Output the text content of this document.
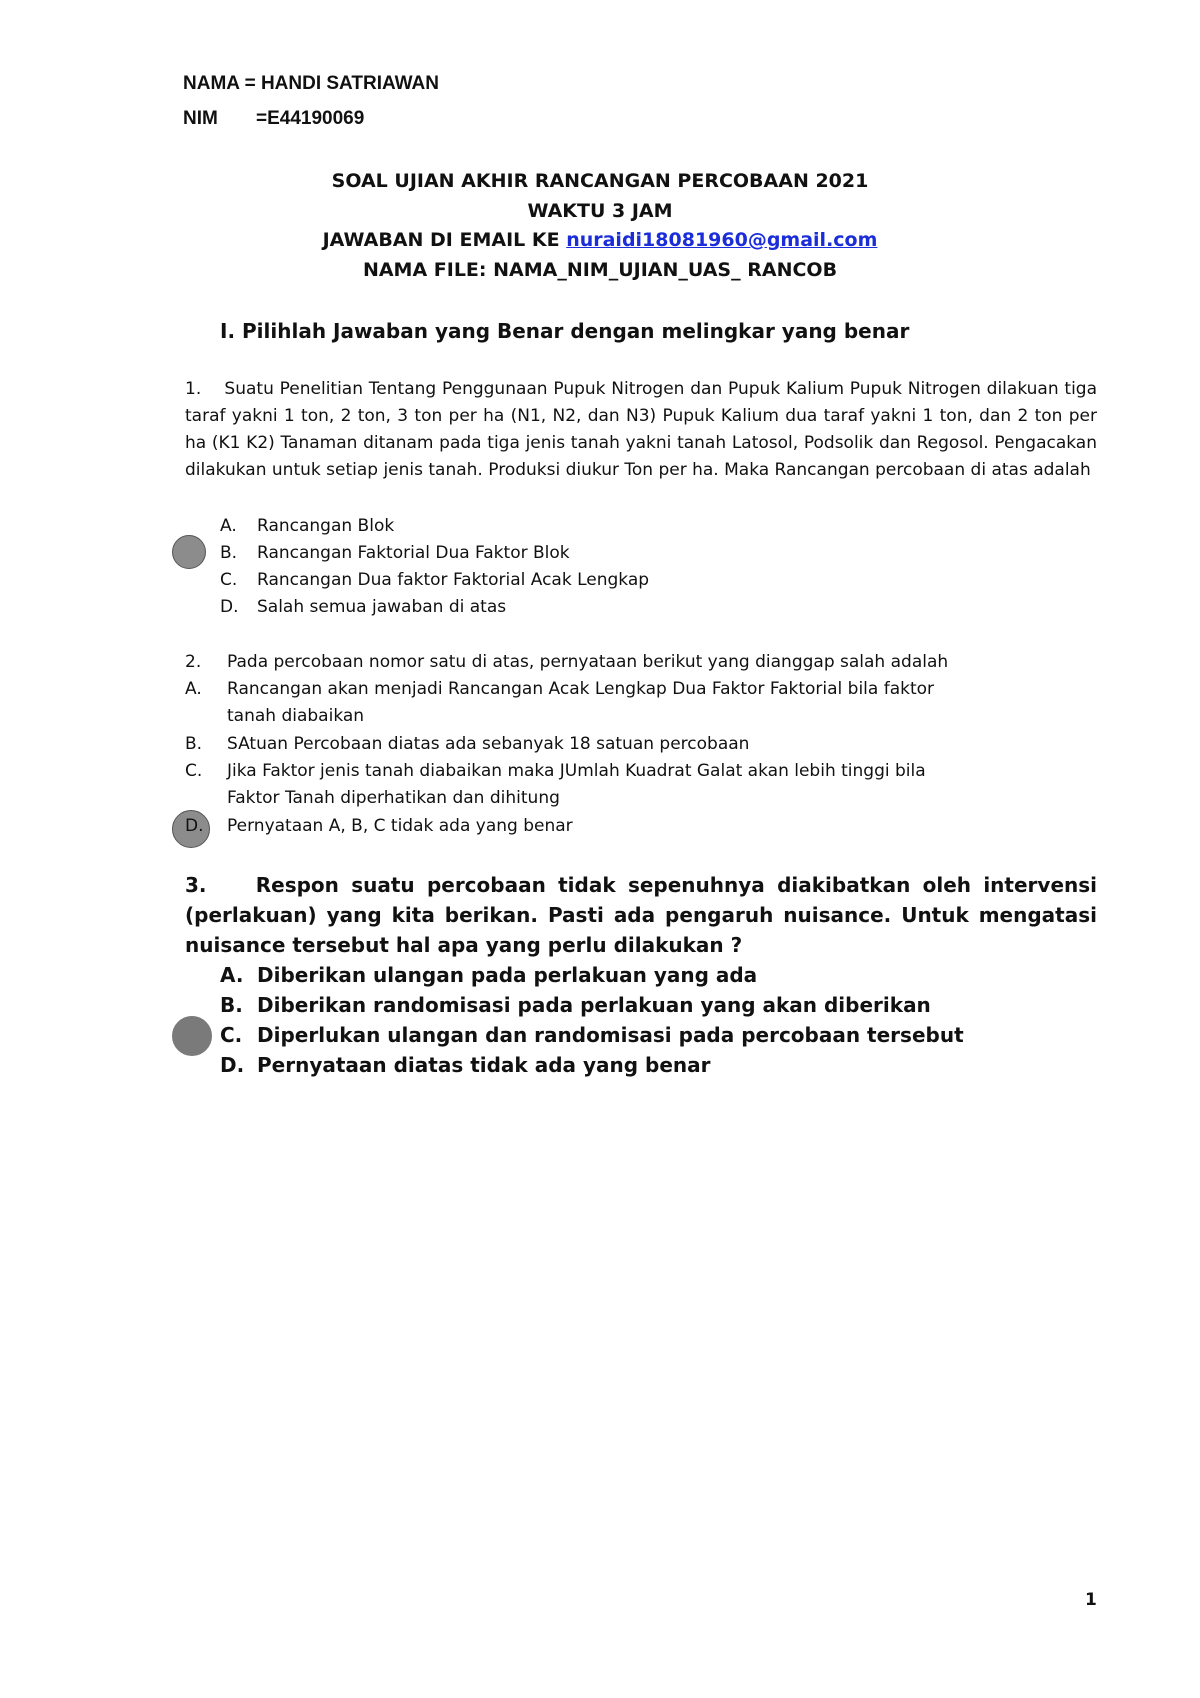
NAMA = HANDI SATRIAWAN
NIM =E44190069
SOAL UJIAN AKHIR RANCANGAN PERCOBAAN 2021
WAKTU 3 JAM
JAWABAN DI EMAIL KE nuraidi18081960@gmail.com
NAMA FILE: NAMA_NIM_UJIAN_UAS_ RANCOB
I. Pilihlah Jawaban yang Benar dengan melingkar yang benar
1. Suatu Penelitian Tentang Penggunaan Pupuk Nitrogen dan Pupuk Kalium Pupuk Nitrogen dilakuan tiga taraf yakni 1 ton, 2 ton, 3 ton per ha (N1, N2, dan N3) Pupuk Kalium dua taraf yakni 1 ton, dan 2 ton per ha (K1 K2) Tanaman ditanam pada tiga jenis tanah yakni tanah Latosol, Podsolik dan Regosol. Pengacakan dilakukan untuk setiap jenis tanah. Produksi diukur Ton per ha. Maka Rancangan percobaan di atas adalah
A. Rancangan Blok
B. Rancangan Faktorial Dua Faktor Blok
C. Rancangan Dua faktor Faktorial Acak Lengkap
D. Salah semua jawaban di atas
2. Pada percobaan nomor satu di atas, pernyataan berikut yang dianggap salah adalah
A. Rancangan akan menjadi Rancangan Acak Lengkap Dua Faktor Faktorial bila faktor
tanah diabaikan
B. SAtuan Percobaan diatas ada sebanyak 18 satuan percobaan
C. Jika Faktor jenis tanah diabaikan maka JUmlah Kuadrat Galat akan lebih tinggi bila
Faktor Tanah diperhatikan dan dihitung
D. Pernyataan A, B, C tidak ada yang benar
3. Respon suatu percobaan tidak sepenuhnya diakibatkan oleh intervensi (perlakuan) yang kita berikan. Pasti ada pengaruh nuisance. Untuk mengatasi nuisance tersebut hal apa yang perlu dilakukan ?
A. Diberikan ulangan pada perlakuan yang ada
B. Diberikan randomisasi pada perlakuan yang akan diberikan
C. Diperlukan ulangan dan randomisasi pada percobaan tersebut
D. Pernyataan diatas tidak ada yang benar
1
